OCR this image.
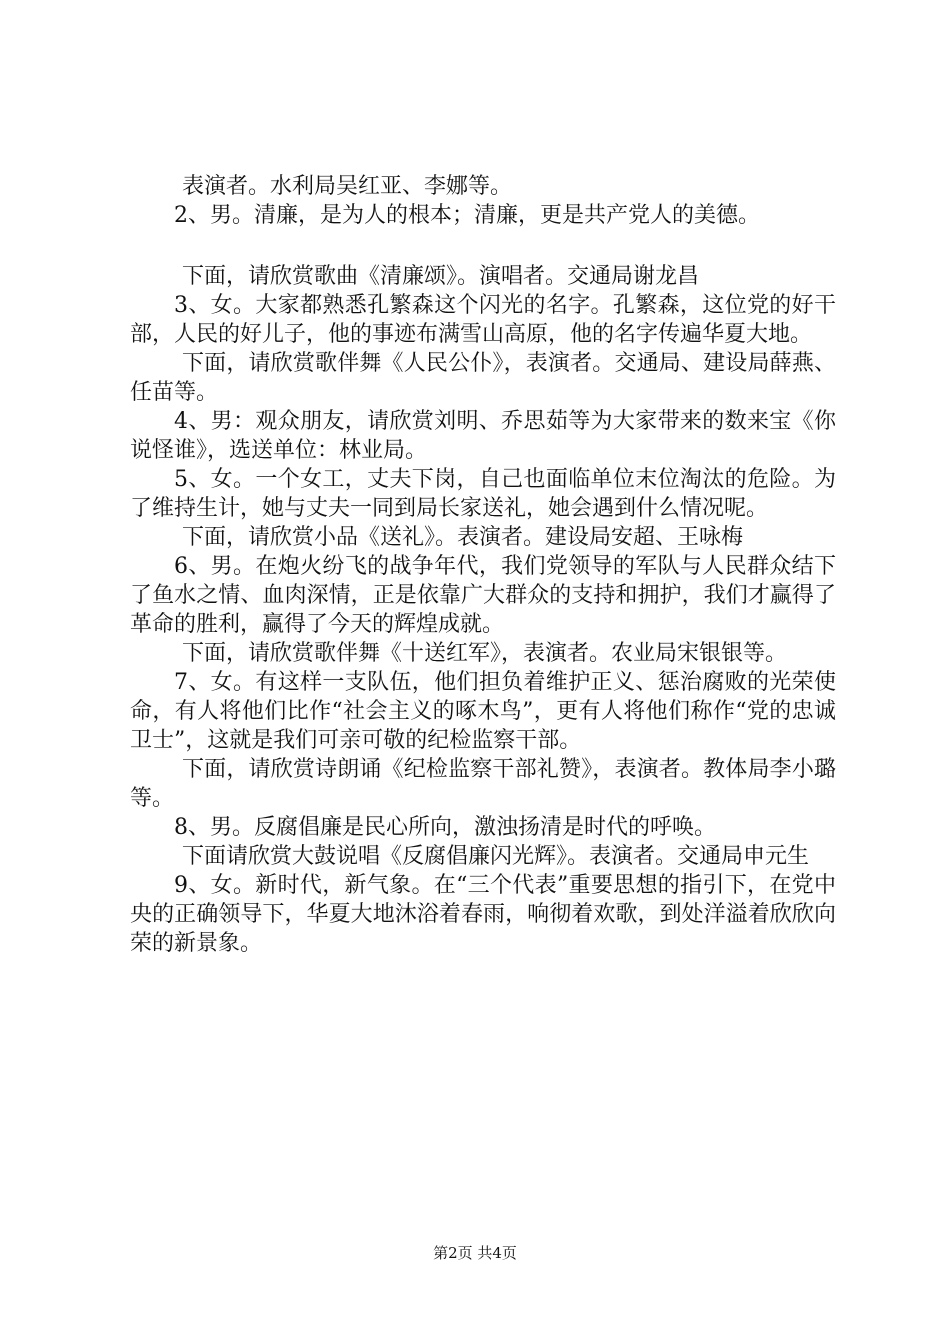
表演者。水利局吴红亚、李娜等。

2、男。清廉，是为人的根本；清廉，更是共产党人的美德。

下面，请欣赏歌曲《清廉颂》。演唱者。交通局谢龙昌

3、女。大家都熟悉孔繁森这个闪光的名字。孔繁森，这位党的好干部，人民的好儿子，他的事迹布满雪山高原，他的名字传遍华夏大地。

下面，请欣赏歌伴舞《人民公仆》，表演者。交通局、建设局薛燕、任苗等。

4、男：观众朋友，请欣赏刘明、乔思茹等为大家带来的数来宝《你说怪谁》，选送单位：林业局。

5、女。一个女工，丈夫下岗，自己也面临单位末位淘汰的危险。为了维持生计，她与丈夫一同到局长家送礼，她会遇到什么情况呢。

下面，请欣赏小品《送礼》。表演者。建设局安超、王咏梅

6、男。在炮火纷飞的战争年代，我们党领导的军队与人民群众结下了鱼水之情、血肉深情，正是依靠广大群众的支持和拥护，我们才赢得了革命的胜利，赢得了今天的辉煌成就。

下面，请欣赏歌伴舞《十送红军》，表演者。农业局宋银银等。

7、女。有这样一支队伍，他们担负着维护正义、惩治腐败的光荣使命，有人将他们比作“社会主义的啄木鸟”，更有人将他们称作“党的忠诚卫士”，这就是我们可亲可敬的纪检监察干部。

下面，请欣赏诗朗诵《纪检监察干部礼赞》，表演者。教体局李小璐等。

8、男。反腐倡廉是民心所向，激浊扬清是时代的呼唤。

下面请欣赏大鼓说唱《反腐倡廉闪光辉》。表演者。交通局申元生

9、女。新时代，新气象。在“三个代表”重要思想的指引下，在党中央的正确领导下，华夏大地沐浴着春雨，响彻着欢歌，到处洋溢着欣欣向荣的新景象。

第2页 共4页
